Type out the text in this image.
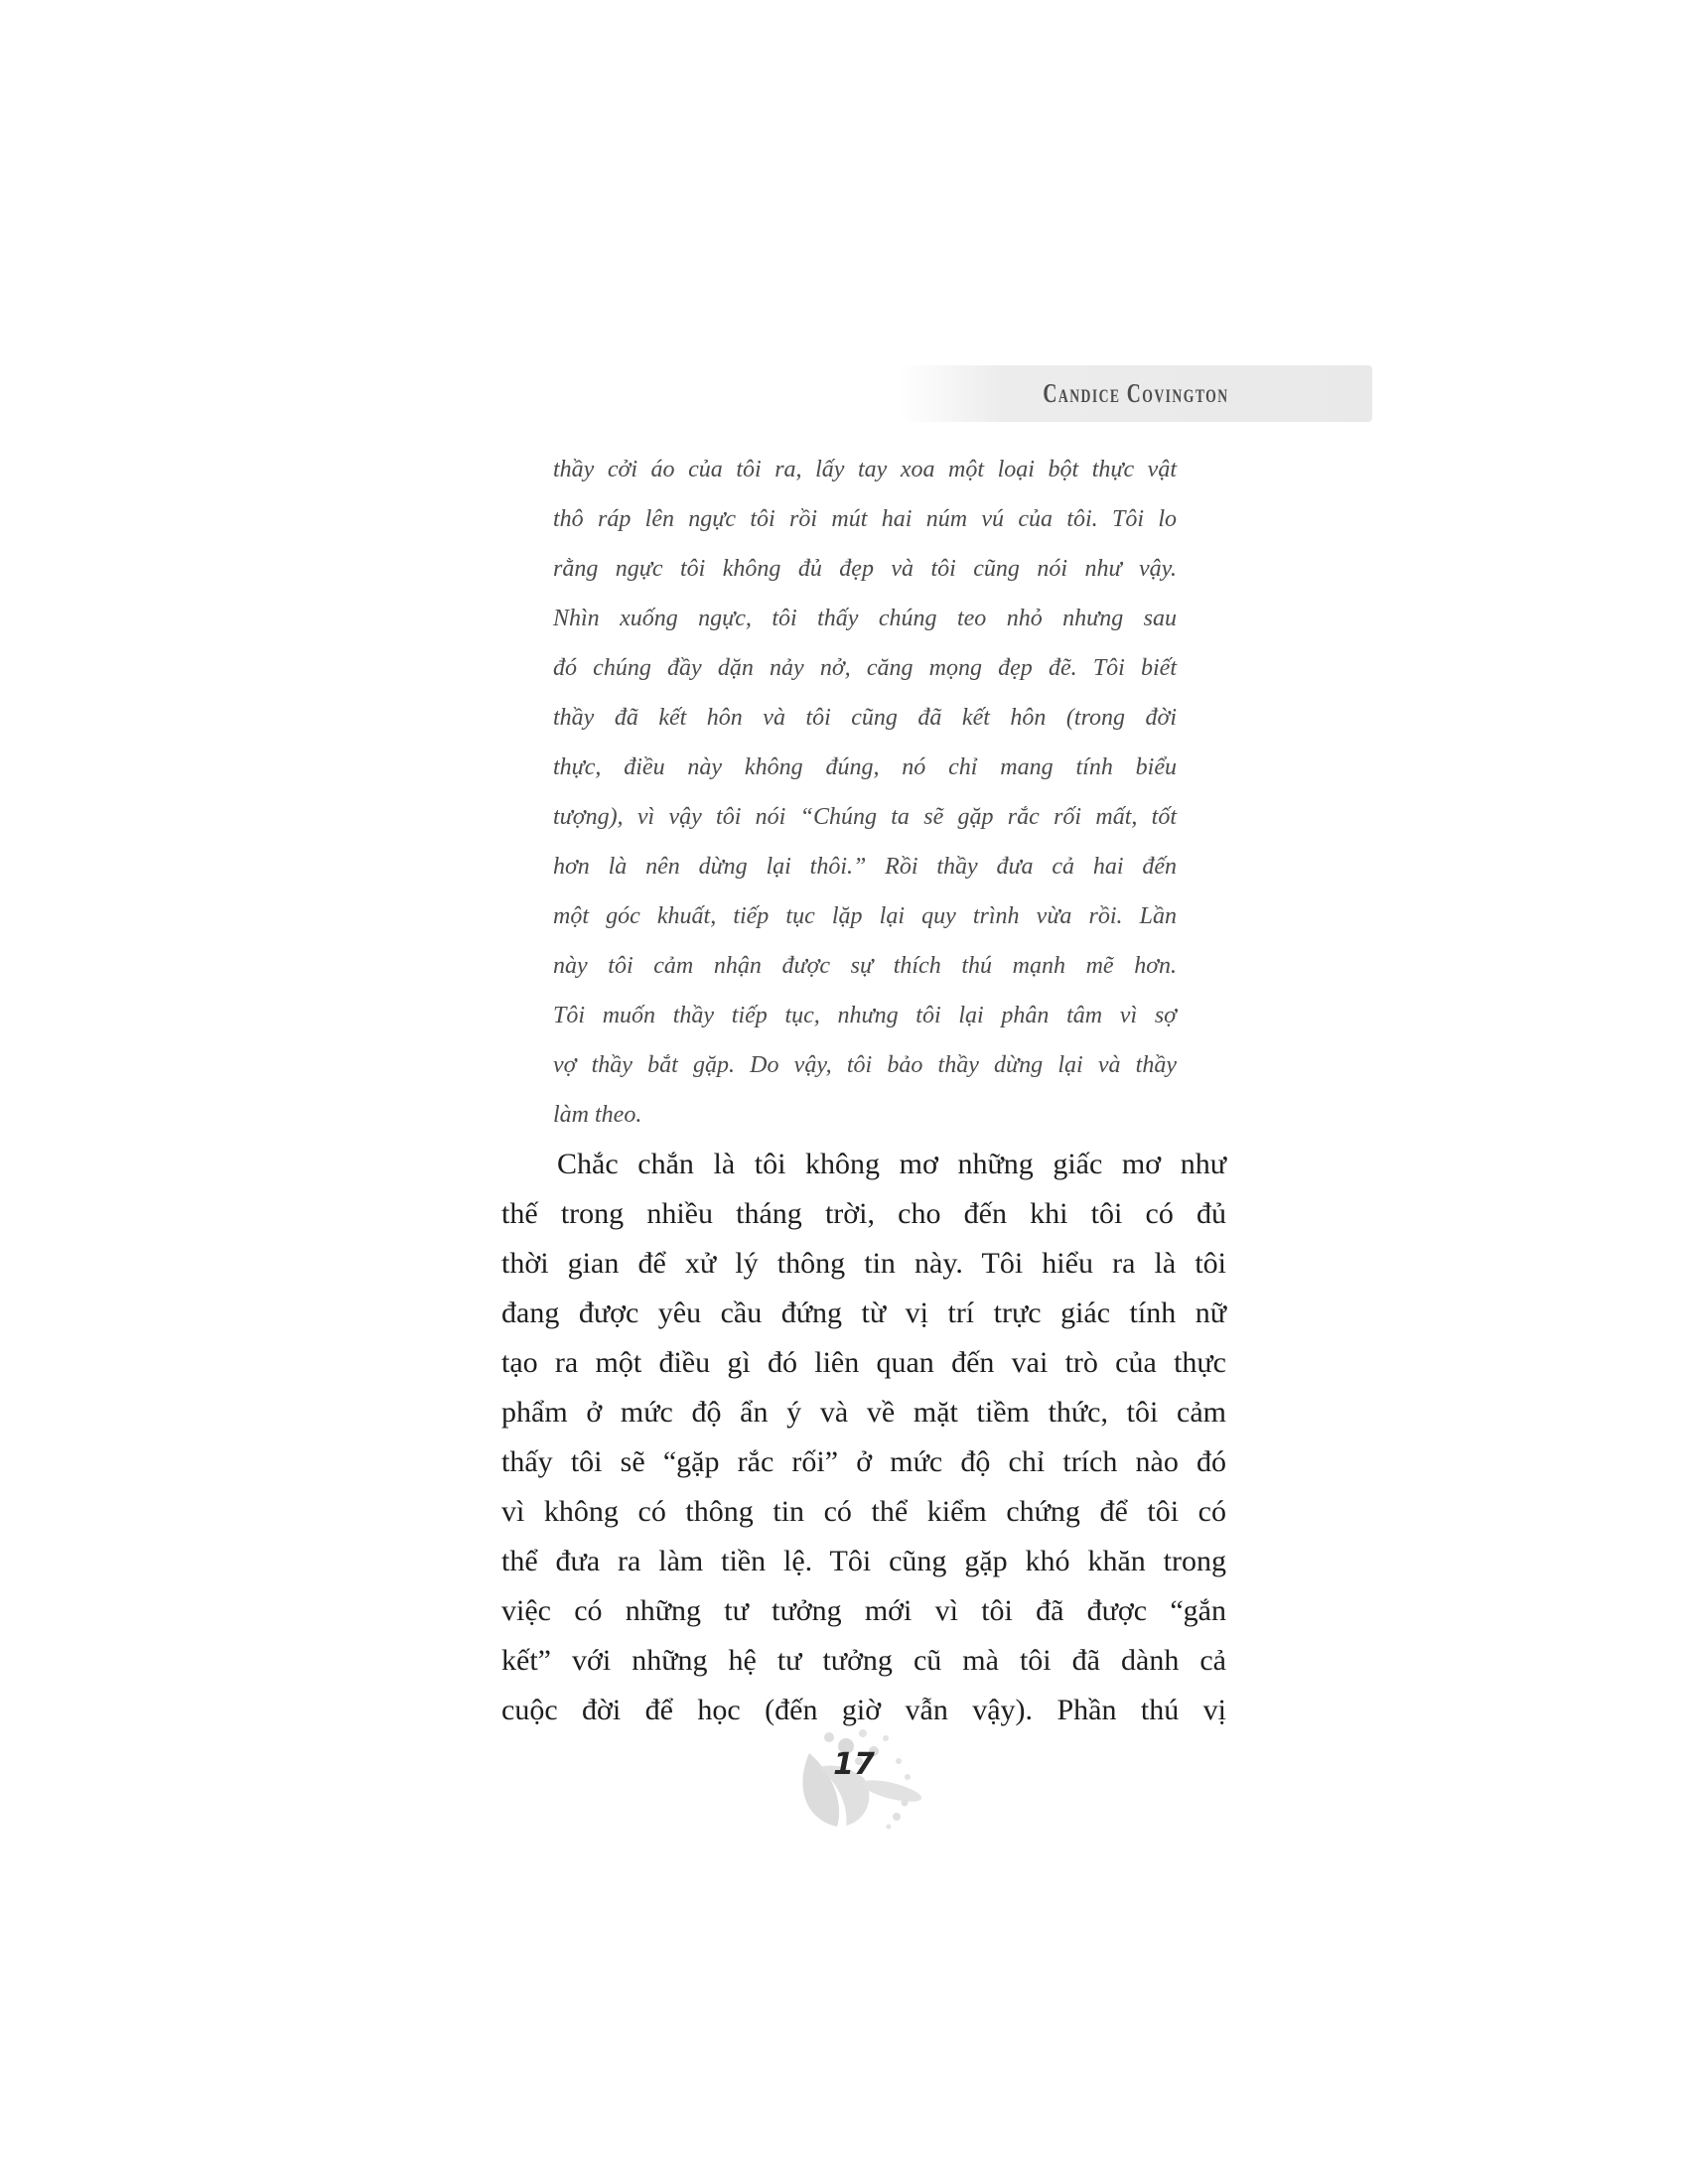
Candice Covington
thầy cởi áo của tôi ra, lấy tay xoa một loại bột thực vật
thô ráp lên ngực tôi rồi mút hai núm vú của tôi. Tôi lo
rằng ngực tôi không đủ đẹp và tôi cũng nói như vậy.
Nhìn xuống ngực, tôi thấy chúng teo nhỏ nhưng sau
đó chúng đầy dặn nảy nở, căng mọng đẹp đẽ. Tôi biết
thầy đã kết hôn và tôi cũng đã kết hôn (trong đời
thực, điều này không đúng, nó chỉ mang tính biểu
tượng), vì vậy tôi nói “Chúng ta sẽ gặp rắc rối mất, tốt
hơn là nên dừng lại thôi.” Rồi thầy đưa cả hai đến
một góc khuất, tiếp tục lặp lại quy trình vừa rồi. Lần
này tôi cảm nhận được sự thích thú mạnh mẽ hơn.
Tôi muốn thầy tiếp tục, nhưng tôi lại phân tâm vì sợ
vợ thầy bắt gặp. Do vậy, tôi bảo thầy dừng lại và thầy
làm theo.
Chắc chắn là tôi không mơ những giấc mơ như
thế trong nhiều tháng trời, cho đến khi tôi có đủ
thời gian để xử lý thông tin này. Tôi hiểu ra là tôi
đang được yêu cầu đứng từ vị trí trực giác tính nữ
tạo ra một điều gì đó liên quan đến vai trò của thực
phẩm ở mức độ ẩn ý và về mặt tiềm thức, tôi cảm
thấy tôi sẽ “gặp rắc rối” ở mức độ chỉ trích nào đó
vì không có thông tin có thể kiểm chứng để tôi có
thể đưa ra làm tiền lệ. Tôi cũng gặp khó khăn trong
việc có những tư tưởng mới vì tôi đã được “gắn
kết” với những hệ tư tưởng cũ mà tôi đã dành cả
cuộc đời để học (đến giờ vẫn vậy). Phần thú vị
17
